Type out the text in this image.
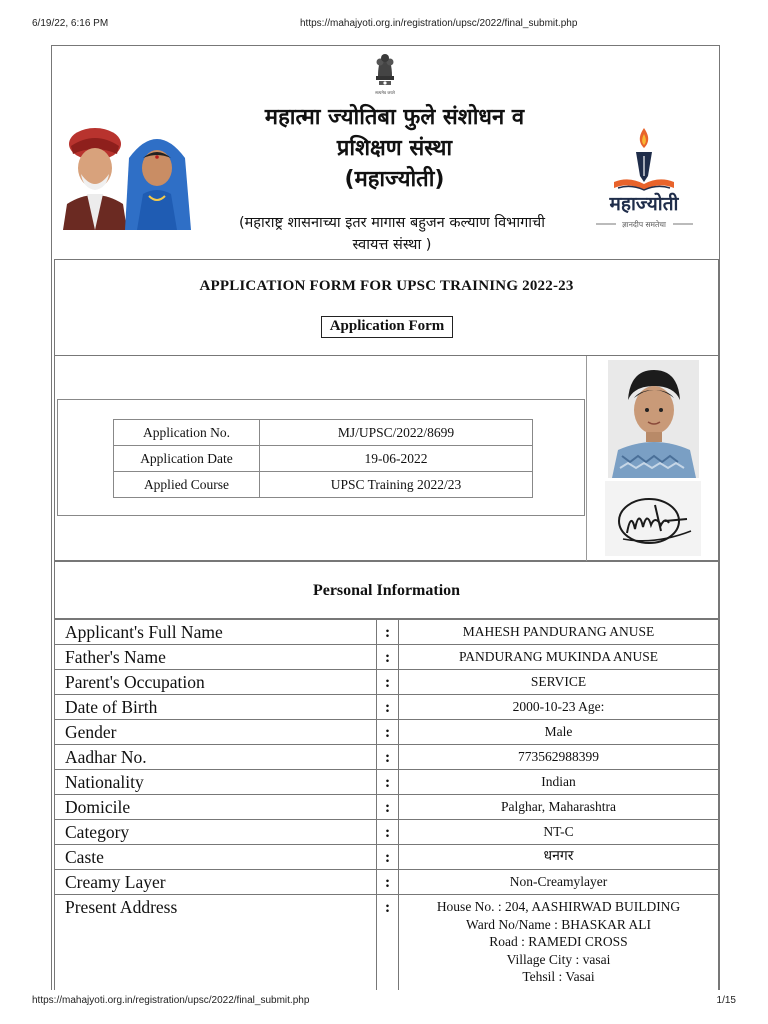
6/19/22, 6:16 PM	https://mahajyoti.org.in/registration/upsc/2022/final_submit.php
सत्यमेव जयते
महात्मा ज्योतिबा फुले संशोधन व
प्रशिक्षण संस्था
(महाज्योती)
(महाराष्ट्र शासनाच्या इतर मागास बहुजन कल्याण विभागाची
स्वायत्त संस्था )
महाज्योती
ज्ञानदीप समतेचा
APPLICATION FORM FOR UPSC TRAINING 2022-23
Application Form
Application No.	MJ/UPSC/2022/8699
Application Date	19-06-2022
Applied Course	UPSC Training 2022/23
Personal Information
Applicant's Full Name	:	MAHESH PANDURANG ANUSE
Father's Name	:	PANDURANG MUKINDA ANUSE
Parent's Occupation	:	SERVICE
Date of Birth	:	2000-10-23 Age:
Gender	:	Male
Aadhar No.	:	773562988399
Nationality	:	Indian
Domicile	:	Palghar, Maharashtra
Category	:	NT-C
Caste	:	धनगर
Creamy Layer	:	Non-Creamylayer
Present Address	:	House No. : 204, AASHIRWAD BUILDING
Ward No/Name : BHASKAR ALI
Road : RAMEDI CROSS
Village City : vasai
Tehsil : Vasai
https://mahajyoti.org.in/registration/upsc/2022/final_submit.php	1/15
